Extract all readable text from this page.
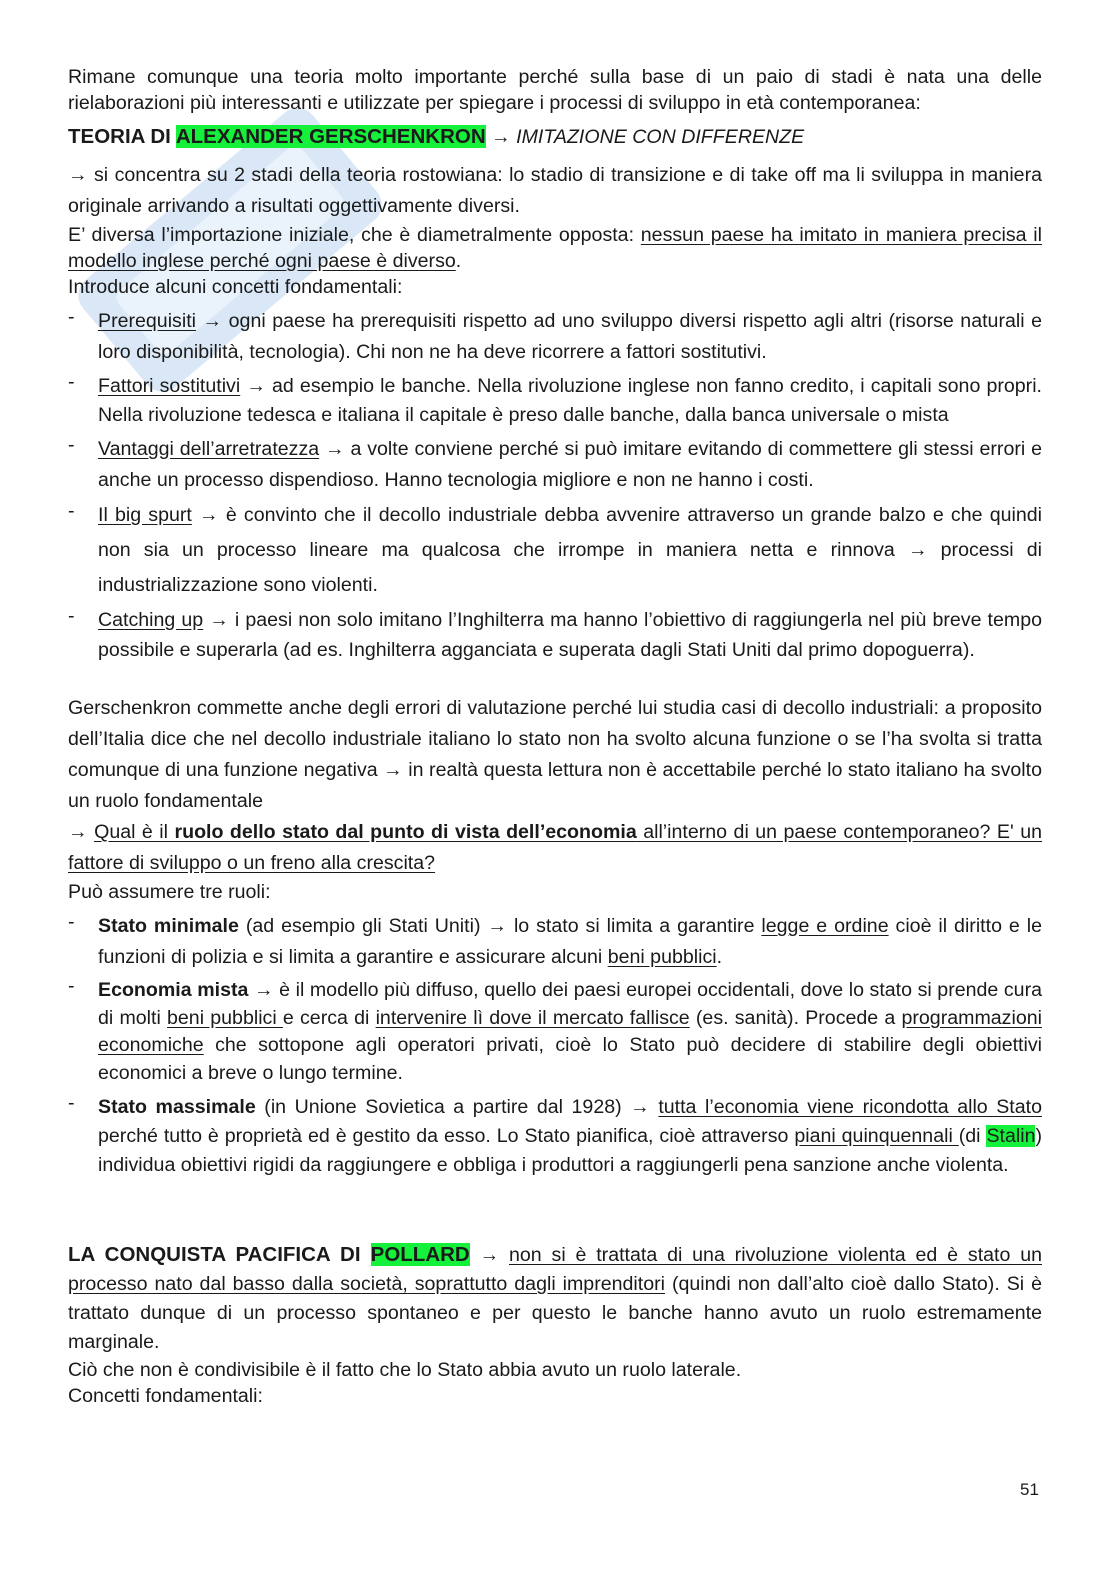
Rimane comunque una teoria molto importante perché sulla base di un paio di stadi è nata una delle rielaborazioni più interessanti e utilizzate per spiegare i processi di sviluppo in età contemporanea:

TEORIA DI ALEXANDER GERSCHENKRON → IMITAZIONE CON DIFFERENZE

→ si concentra su 2 stadi della teoria rostowiana: lo stadio di transizione e di take off ma li sviluppa in maniera originale arrivando a risultati oggettivamente diversi.

E’ diversa l’importazione iniziale, che è diametralmente opposta: nessun paese ha imitato in maniera precisa il modello inglese perché ogni paese è diverso.

Introduce alcuni concetti fondamentali:

- Prerequisiti → ogni paese ha prerequisiti rispetto ad uno sviluppo diversi rispetto agli altri (risorse naturali e loro disponibilità, tecnologia). Chi non ne ha deve ricorrere a fattori sostitutivi.
- Fattori sostitutivi → ad esempio le banche. Nella rivoluzione inglese non fanno credito, i capitali sono propri. Nella rivoluzione tedesca e italiana il capitale è preso dalle banche, dalla banca universale o mista
- Vantaggi dell’arretratezza → a volte conviene perché si può imitare evitando di commettere gli stessi errori e anche un processo dispendioso. Hanno tecnologia migliore e non ne hanno i costi.
- Il big spurt → è convinto che il decollo industriale debba avvenire attraverso un grande balzo e che quindi non sia un processo lineare ma qualcosa che irrompe in maniera netta e rinnova → processi di industrializzazione sono violenti.
- Catching up → i paesi non solo imitano l’Inghilterra ma hanno l’obiettivo di raggiungerla nel più breve tempo possibile e superarla (ad es. Inghilterra agganciata e superata dagli Stati Uniti dal primo dopoguerra).

Gerschenkron commette anche degli errori di valutazione perché lui studia casi di decollo industriali: a proposito dell’Italia dice che nel decollo industriale italiano lo stato non ha svolto alcuna funzione o se l’ha svolta si tratta comunque di una funzione negativa → in realtà questa lettura non è accettabile perché lo stato italiano ha svolto un ruolo fondamentale

→ Qual è il ruolo dello stato dal punto di vista dell’economia all’interno di un paese contemporaneo? E' un fattore di sviluppo o un freno alla crescita?

Può assumere tre ruoli:

- Stato minimale (ad esempio gli Stati Uniti) → lo stato si limita a garantire legge e ordine cioè il diritto e le funzioni di polizia e si limita a garantire e assicurare alcuni beni pubblici.
- Economia mista → è il modello più diffuso, quello dei paesi europei occidentali, dove lo stato si prende cura di molti beni pubblici e cerca di intervenire lì dove il mercato fallisce (es. sanità). Procede a programmazioni economiche che sottopone agli operatori privati, cioè lo Stato può decidere di stabilire degli obiettivi economici a breve o lungo termine.
- Stato massimale (in Unione Sovietica a partire dal 1928) → tutta l’economia viene ricondotta allo Stato perché tutto è proprietà ed è gestito da esso. Lo Stato pianifica, cioè attraverso piani quinquennali (di Stalin) individua obiettivi rigidi da raggiungere e obbliga i produttori a raggiungerli pena sanzione anche violenta.

LA CONQUISTA PACIFICA DI POLLARD → non si è trattata di una rivoluzione violenta ed è stato un processo nato dal basso dalla società, soprattutto dagli imprenditori (quindi non dall’alto cioè dallo Stato). Si è trattato dunque di un processo spontaneo e per questo le banche hanno avuto un ruolo estremamente marginale.

Ciò che non è condivisibile è il fatto che lo Stato abbia avuto un ruolo laterale.

Concetti fondamentali:

51
